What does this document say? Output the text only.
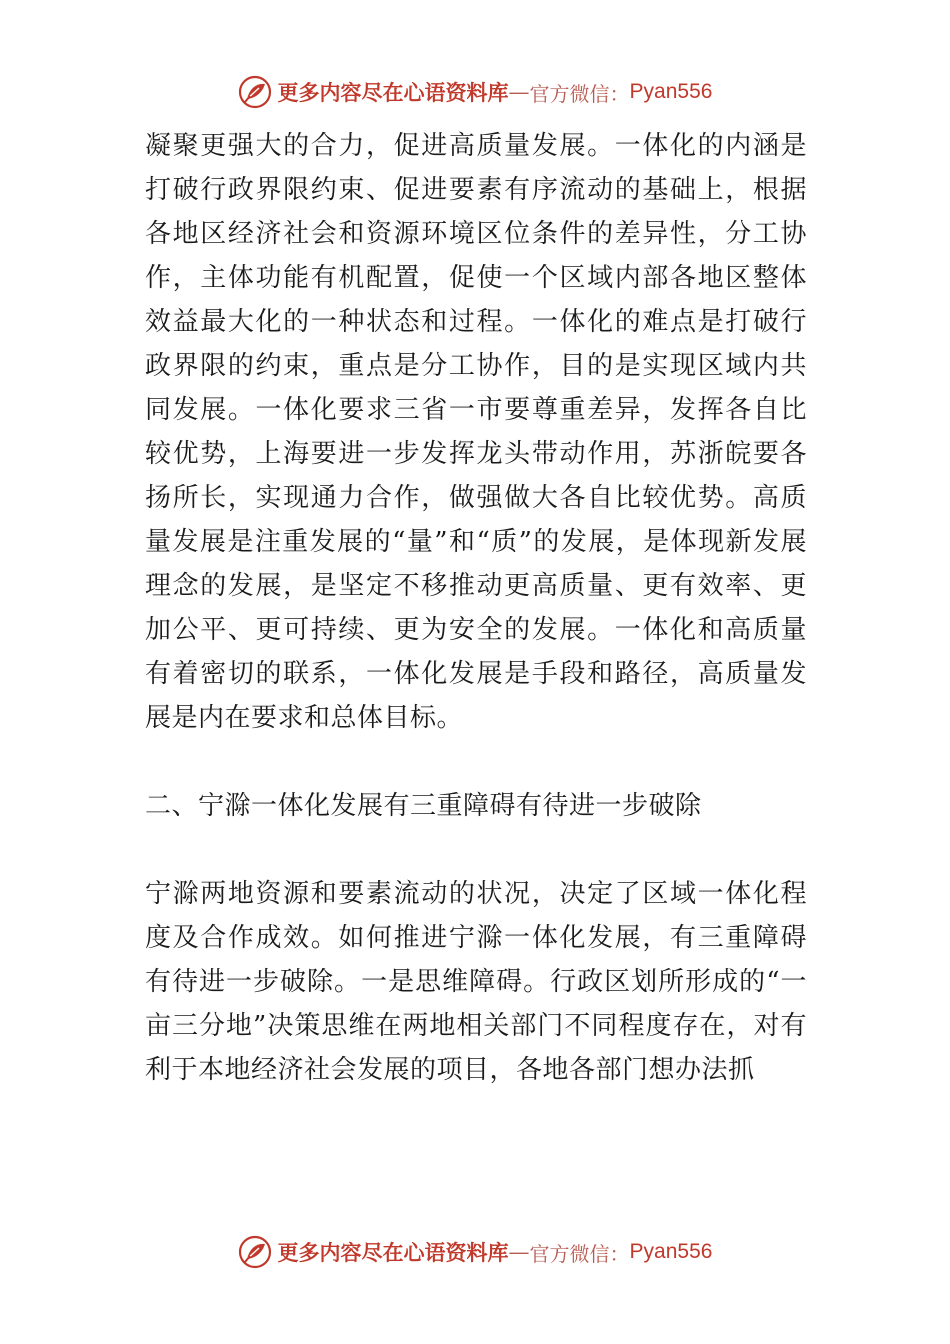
更多内容尽在心语资料库 — 官方微信： Pyan556

凝聚更强大的合力，促进高质量发展。一体化的内涵是打破行政界限约束、促进要素有序流动的基础上，根据各地区经济社会和资源环境区位条件的差异性，分工协作，主体功能有机配置，促使一个区域内部各地区整体效益最大化的一种状态和过程。一体化的难点是打破行政界限的约束，重点是分工协作，目的是实现区域内共同发展。一体化要求三省一市要尊重差异，发挥各自比较优势，上海要进一步发挥龙头带动作用，苏浙皖要各扬所长，实现通力合作，做强做大各自比较优势。高质量发展是注重发展的“量”和“质”的发展，是体现新发展理念的发展，是坚定不移推动更高质量、更有效率、更加公平、更可持续、更为安全的发展。一体化和高质量有着密切的联系，一体化发展是手段和路径，高质量发展是内在要求和总体目标。

二、宁滁一体化发展有三重障碍有待进一步破除

宁滁两地资源和要素流动的状况，决定了区域一体化程度及合作成效。如何推进宁滁一体化发展，有三重障碍有待进一步破除。一是思维障碍。行政区划所形成的“一亩三分地”决策思维在两地相关部门不同程度存在，对有利于本地经济社会发展的项目，各地各部门想办法抓

更多内容尽在心语资料库 — 官方微信： Pyan556
